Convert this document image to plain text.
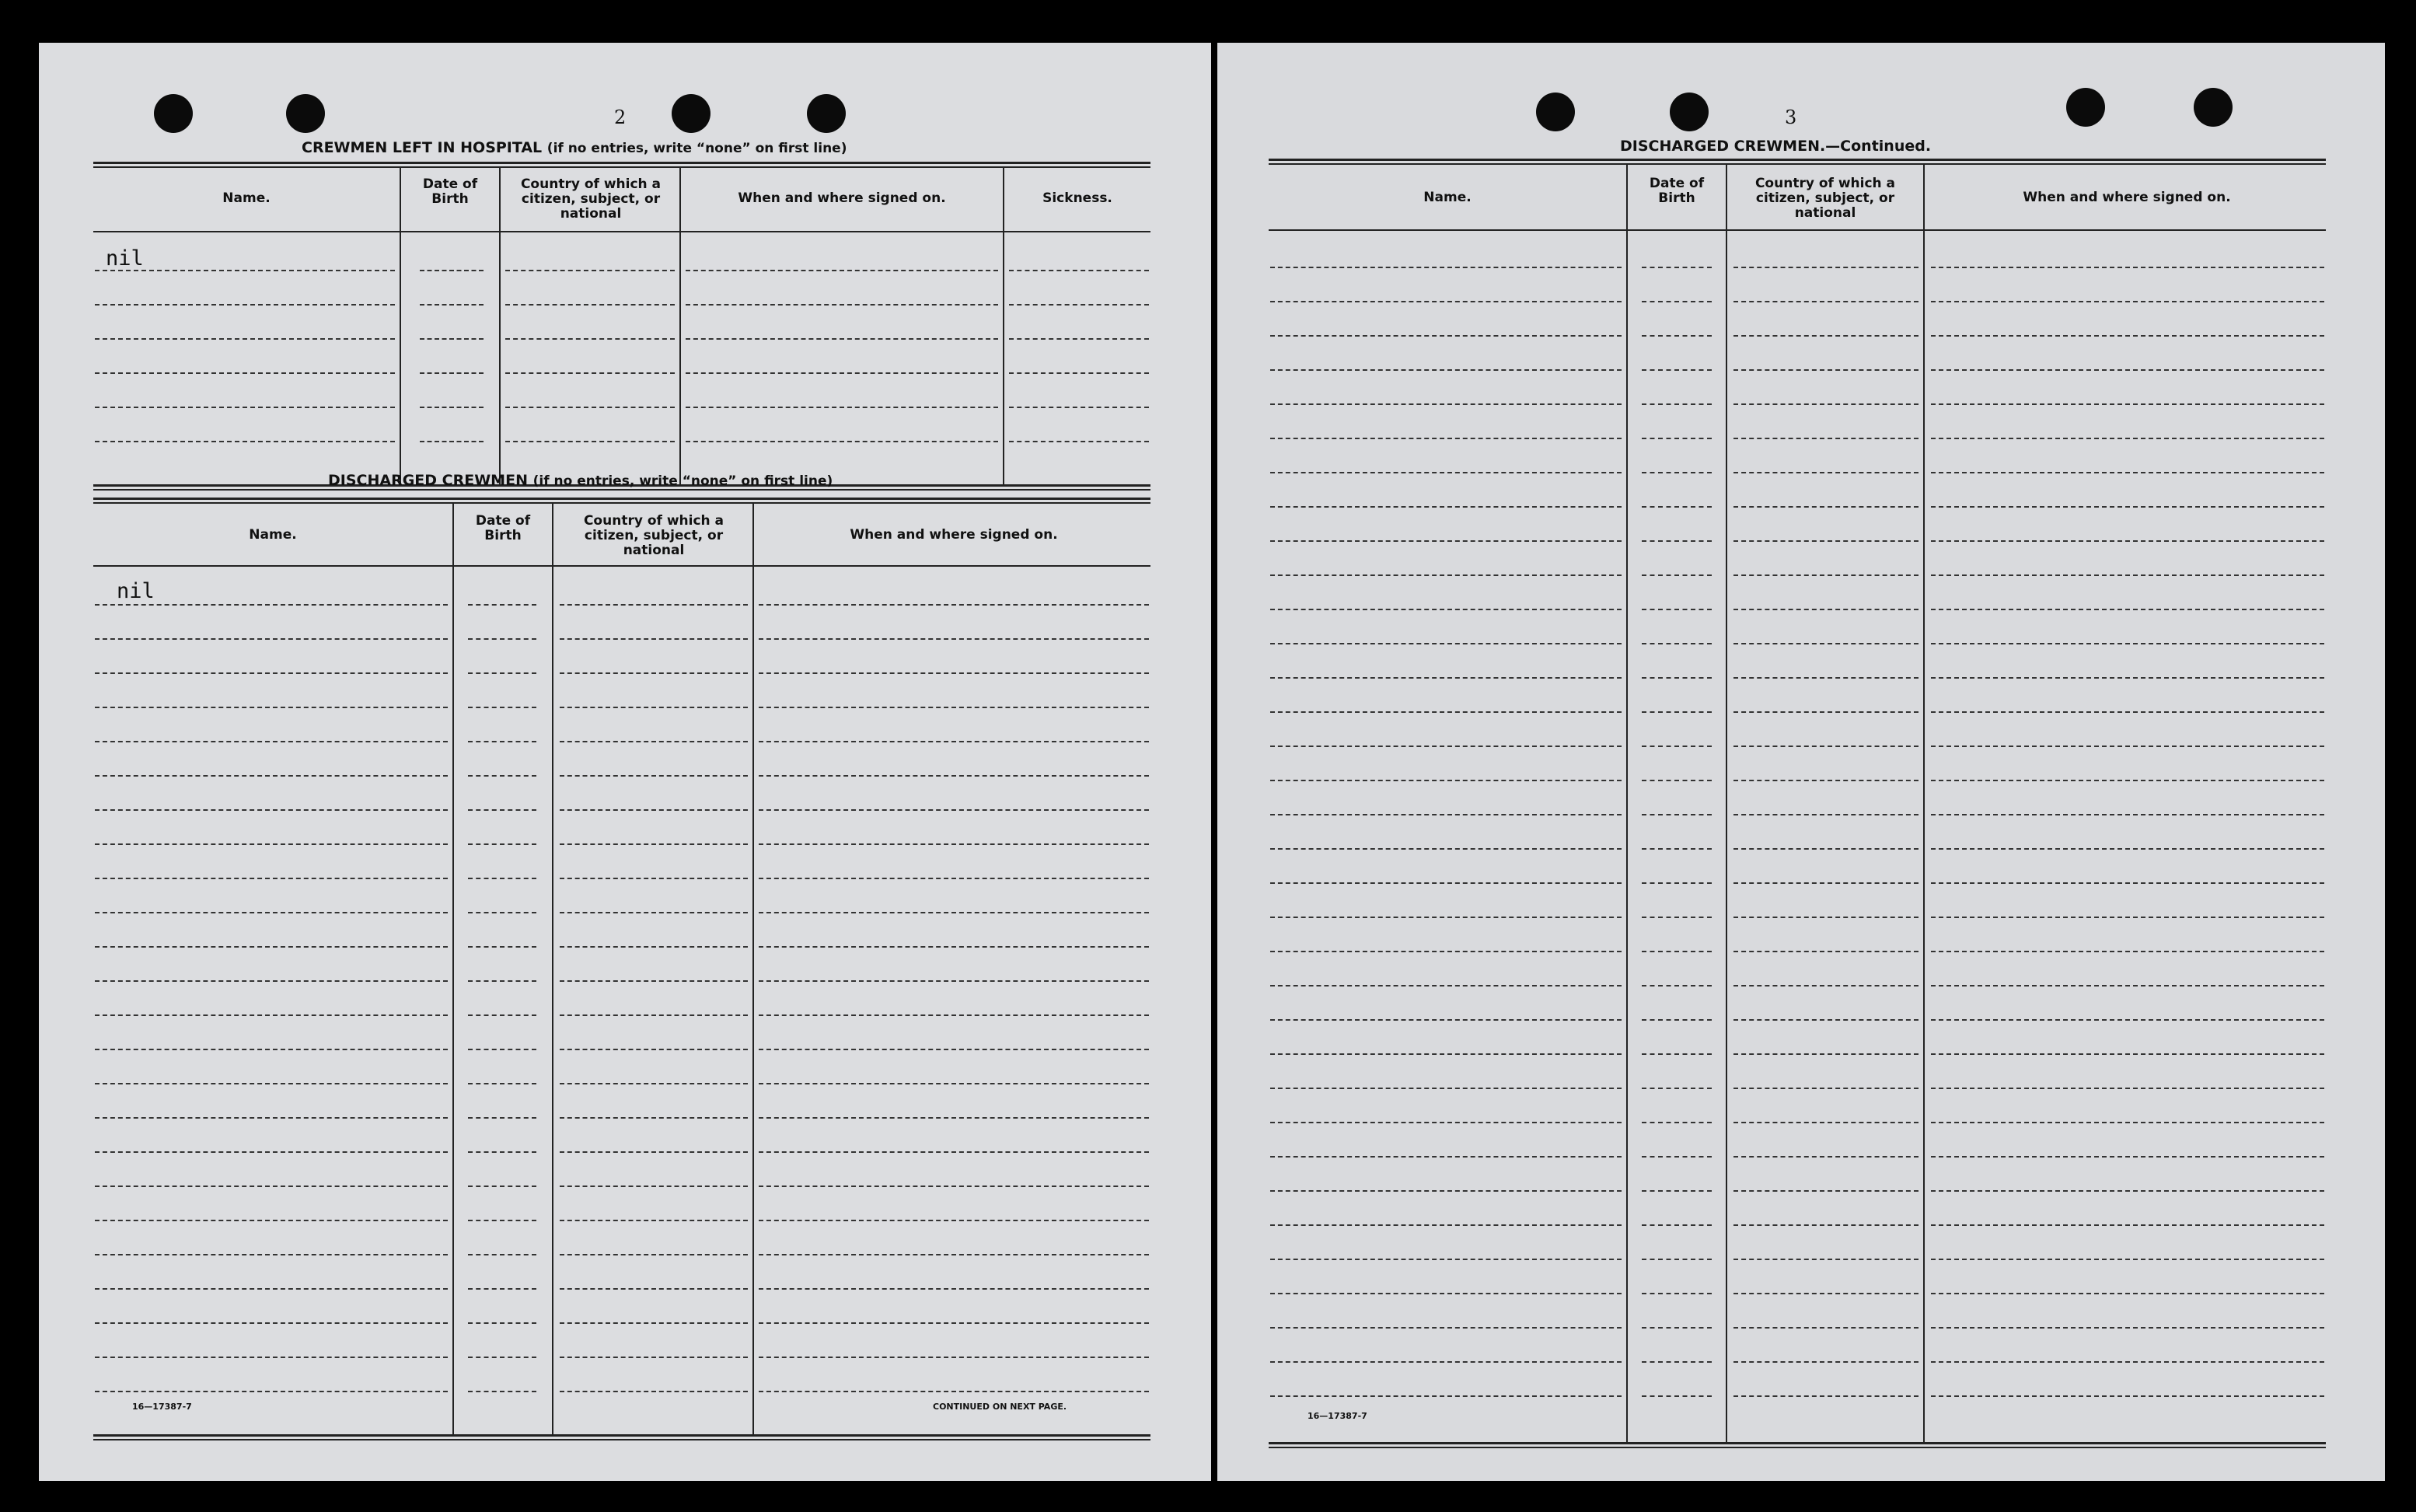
2
CREWMEN LEFT IN HOSPITAL (if no entries, write “none” on first line)
Name.
Date of Birth
Country of which a citizen, subject, or national
When and where signed on.	Sickness.
nil
DISCHARGED CREWMEN (if no entries, write “none” on first line)
Name.
Date of Birth
Country of which a citizen, subject, or national
When and where signed on.
nil
16—17387-7	CONTINUED ON NEXT PAGE.
3
DISCHARGED CREWMEN.—Continued.
Name.
Date of Birth
Country of which a citizen, subject, or national
When and where signed on.
16—17387-7
